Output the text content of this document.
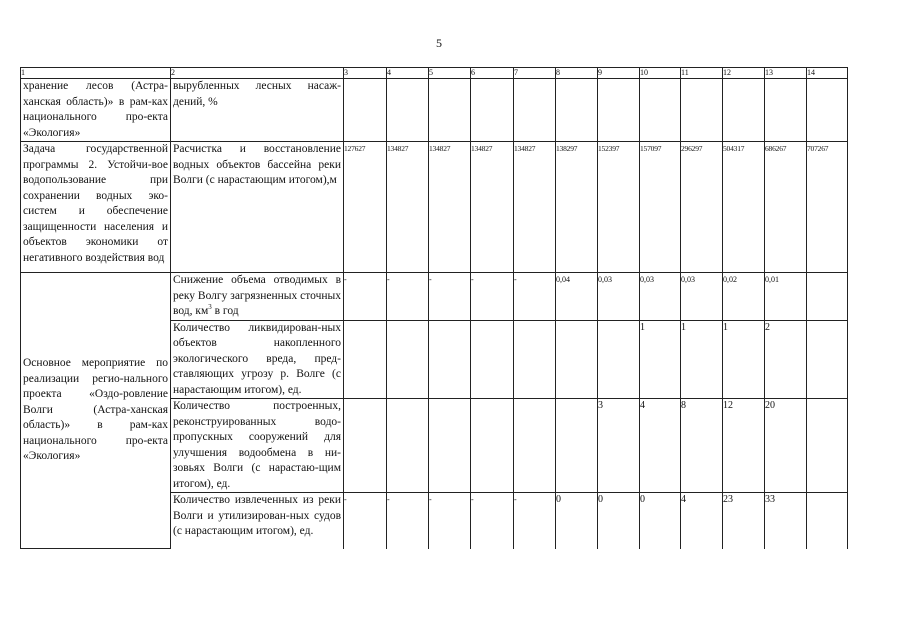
5
1	2	3	4	5	6	7	8	9	10	11	12	13	14
хранение лесов (Астра-ханская область)» в рам-ках национального про-екта «Экология»	вырубленных лесных насаж-дений, %												
Задача государственной программы 2. Устойчи-вое водопользование при сохранении водных эко-систем и обеспечение защищенности населения и объектов экономики от негативного воздействия вод	Расчистка и восстановление водных объектов бассейна реки Волги (с нарастающим итогом),м	127627	134827	134827	134827	134827	138297	152397	157097	296297	504317	686267	707267
Основное мероприятие по реализации регио-нального проекта «Оздо-ровление Волги (Астра-ханская область)» в рам-ках национального про-екта «Экология»	Снижение объема отводимых в реку Волгу загрязненных сточных вод, $км^3$ в год	-	-	-	-	-	0,04	0,03	0,03	0,03	0,02	0,01	
	Количество ликвидирован-ных объектов накопленного экологического вреда, пред-ставляющих угрозу р. Волге (с нарастающим итогом), ед.								1	1	1	2	
	Количество построенных, реконструированных водо-пропускных сооружений для улучшения водообмена в ни-зовьях Волги (с нарастаю-щим итогом), ед.							3	4	8	12	20	
	Количество извлеченных из реки Волги и утилизирован-ных судов (с нарастающим итогом), ед.	-	-	-	-	-	0	0	0	4	23	33	
